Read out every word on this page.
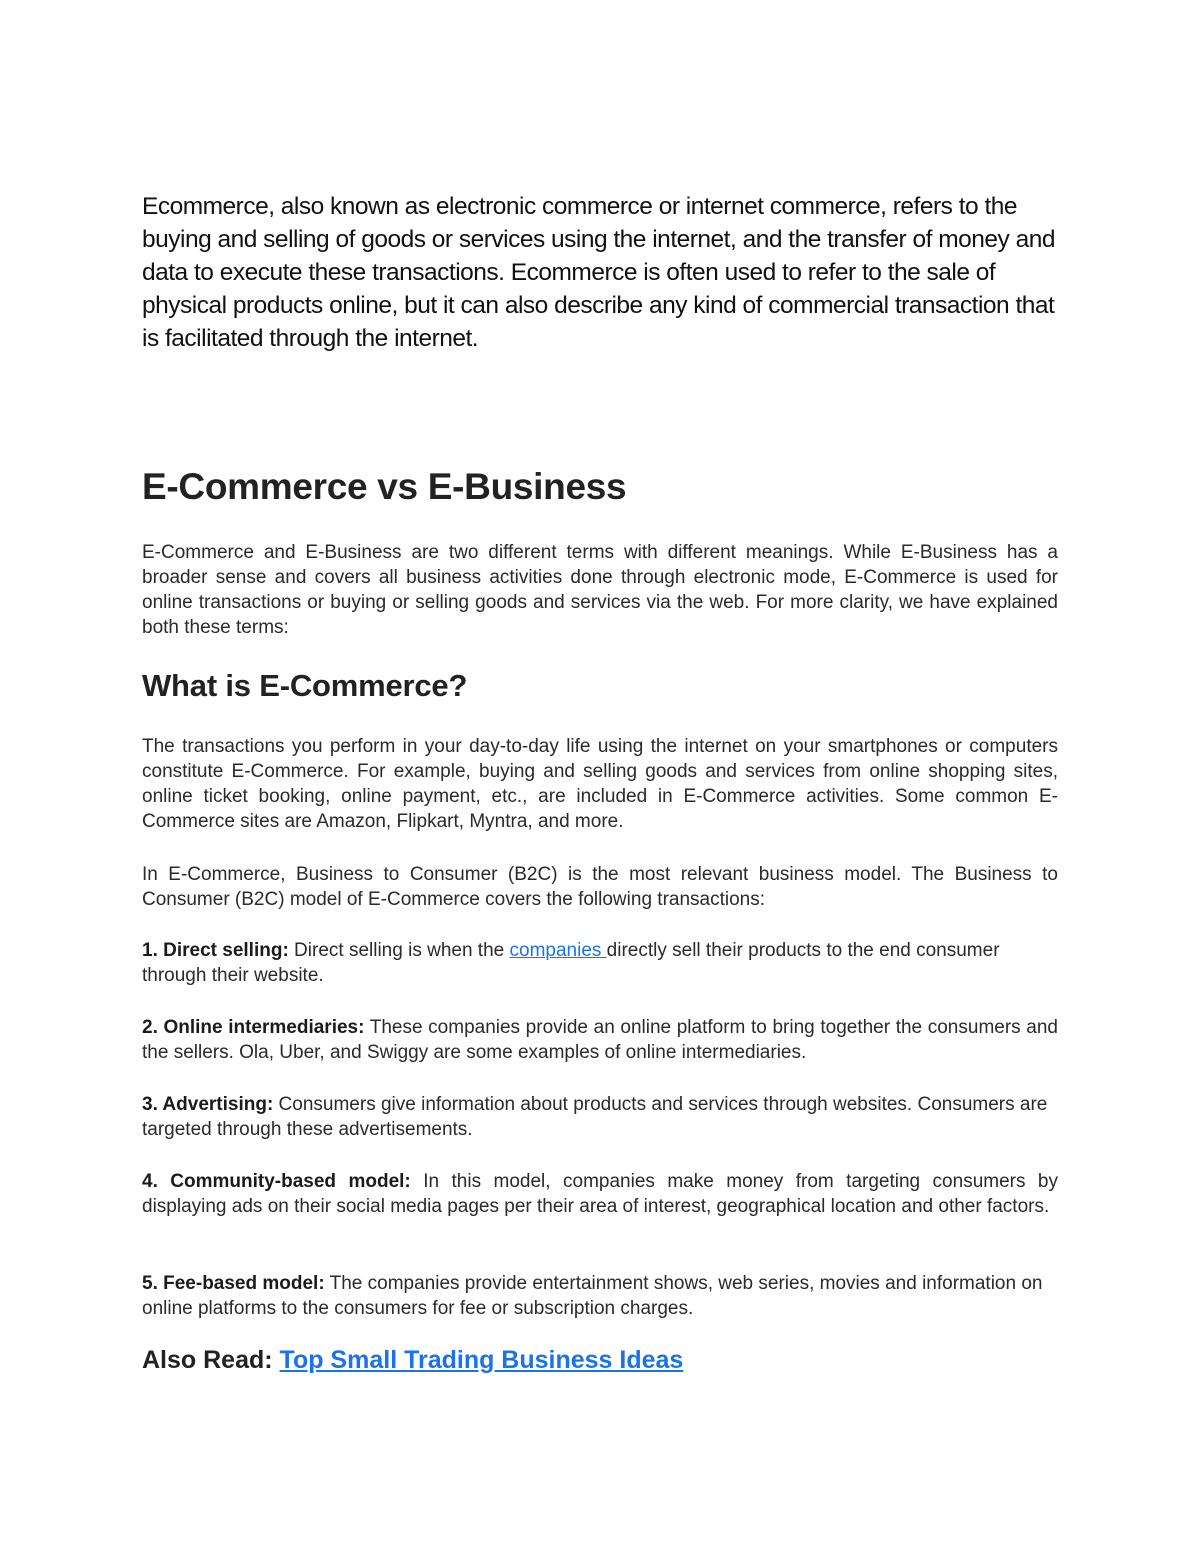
Ecommerce, also known as electronic commerce or internet commerce, refers to the buying and selling of goods or services using the internet, and the transfer of money and data to execute these transactions. Ecommerce is often used to refer to the sale of physical products online, but it can also describe any kind of commercial transaction that is facilitated through the internet.

E-Commerce vs E-Business

E-Commerce and E-Business are two different terms with different meanings. While E-Business has a broader sense and covers all business activities done through electronic mode, E-Commerce is used for online transactions or buying or selling goods and services via the web. For more clarity, we have explained both these terms:

What is E-Commerce?

The transactions you perform in your day-to-day life using the internet on your smartphones or computers constitute E-Commerce. For example, buying and selling goods and services from online shopping sites, online ticket booking, online payment, etc., are included in E-Commerce activities. Some common E-Commerce sites are Amazon, Flipkart, Myntra, and more.

In E-Commerce, Business to Consumer (B2C) is the most relevant business model. The Business to Consumer (B2C) model of E-Commerce covers the following transactions:

1. Direct selling: Direct selling is when the companies directly sell their products to the end consumer through their website.

2. Online intermediaries: These companies provide an online platform to bring together the consumers and the sellers. Ola, Uber, and Swiggy are some examples of online intermediaries.

3. Advertising: Consumers give information about products and services through websites. Consumers are targeted through these advertisements.

4. Community-based model: In this model, companies make money from targeting consumers by displaying ads on their social media pages per their area of interest, geographical location and other factors.

5. Fee-based model: The companies provide entertainment shows, web series, movies and information on online platforms to the consumers for fee or subscription charges.

Also Read: Top Small Trading Business Ideas
